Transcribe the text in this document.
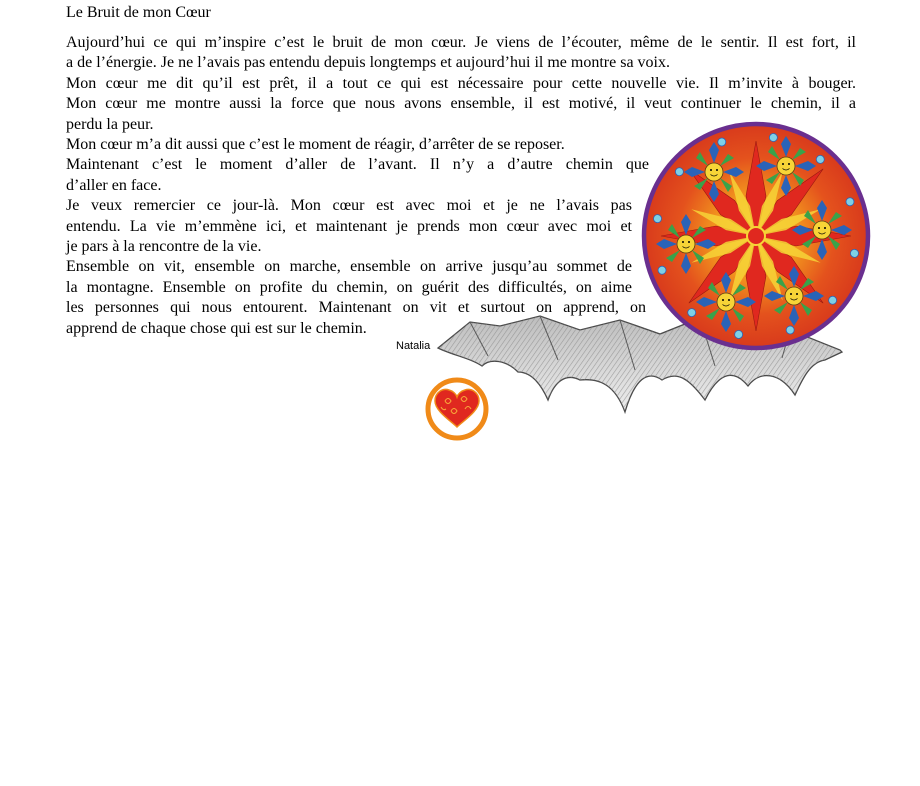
Le Bruit de mon Cœur
Aujourd’hui ce qui m’inspire c’est le bruit de mon cœur. Je viens de l’écouter, même de le sentir. Il est fort, il
a de l’énergie. Je ne l’avais pas entendu depuis longtemps et aujourd’hui il me montre sa voix.
Mon cœur me dit qu’il est prêt, il a tout ce qui est nécessaire pour cette nouvelle vie. Il m’invite à bouger.
Mon cœur me montre aussi la force que nous avons ensemble, il est motivé, il veut continuer le chemin, il a
perdu la peur.
Mon cœur m’a dit aussi que c’est le moment de réagir, d’arrêter de se reposer.
Maintenant c’est le moment d’aller de l’avant. Il n’y a d’autre chemin que
d’aller en face.
Je veux remercier ce jour-là. Mon cœur est avec moi et je ne l’avais pas
entendu. La vie m’emmène ici, et maintenant je prends mon cœur avec moi et
je pars à la rencontre de la vie.
Ensemble on vit, ensemble on marche, ensemble on arrive jusqu’au sommet de
la montagne. Ensemble on profite du chemin, on guérit des difficultés, on aime
les personnes qui nous entourent. Maintenant on vit et surtout on apprend, on
apprend de chaque chose qui est sur le chemin.
Natalia
